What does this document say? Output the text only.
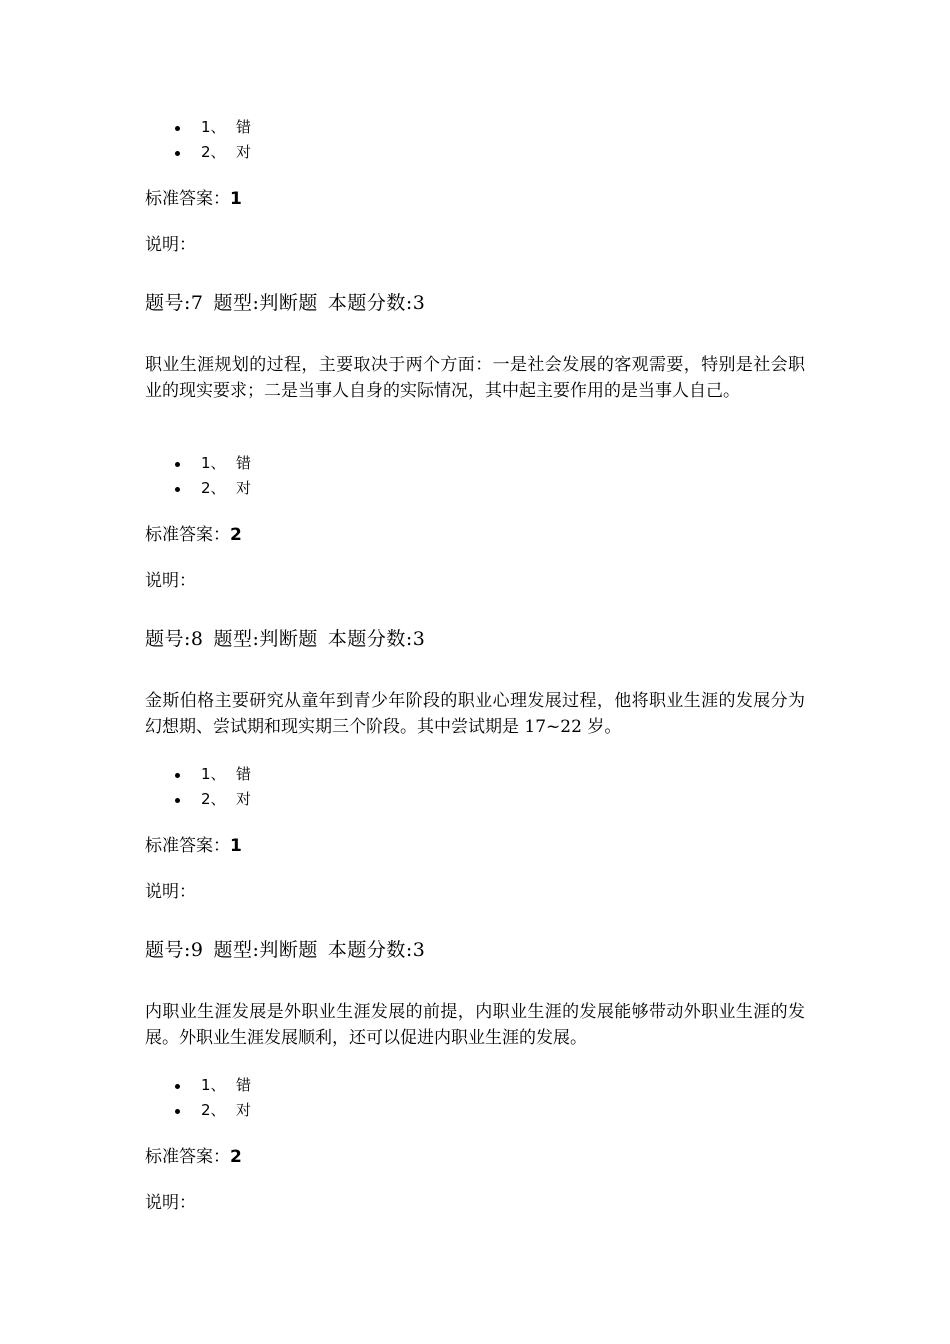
1、 错
2、 对
标准答案：1
说明：
题号:7 题型:判断题 本题分数:3
职业生涯规划的过程，主要取决于两个方面：一是社会发展的客观需要，特别是社会职业的现实要求；二是当事人自身的实际情况，其中起主要作用的是当事人自己。
1、 错
2、 对
标准答案：2
说明：
题号:8 题型:判断题 本题分数:3
金斯伯格主要研究从童年到青少年阶段的职业心理发展过程，他将职业生涯的发展分为幻想期、尝试期和现实期三个阶段。其中尝试期是 17~22 岁。
1、 错
2、 对
标准答案：1
说明：
题号:9 题型:判断题 本题分数:3
内职业生涯发展是外职业生涯发展的前提，内职业生涯的发展能够带动外职业生涯的发展。外职业生涯发展顺利，还可以促进内职业生涯的发展。
1、 错
2、 对
标准答案：2
说明：
